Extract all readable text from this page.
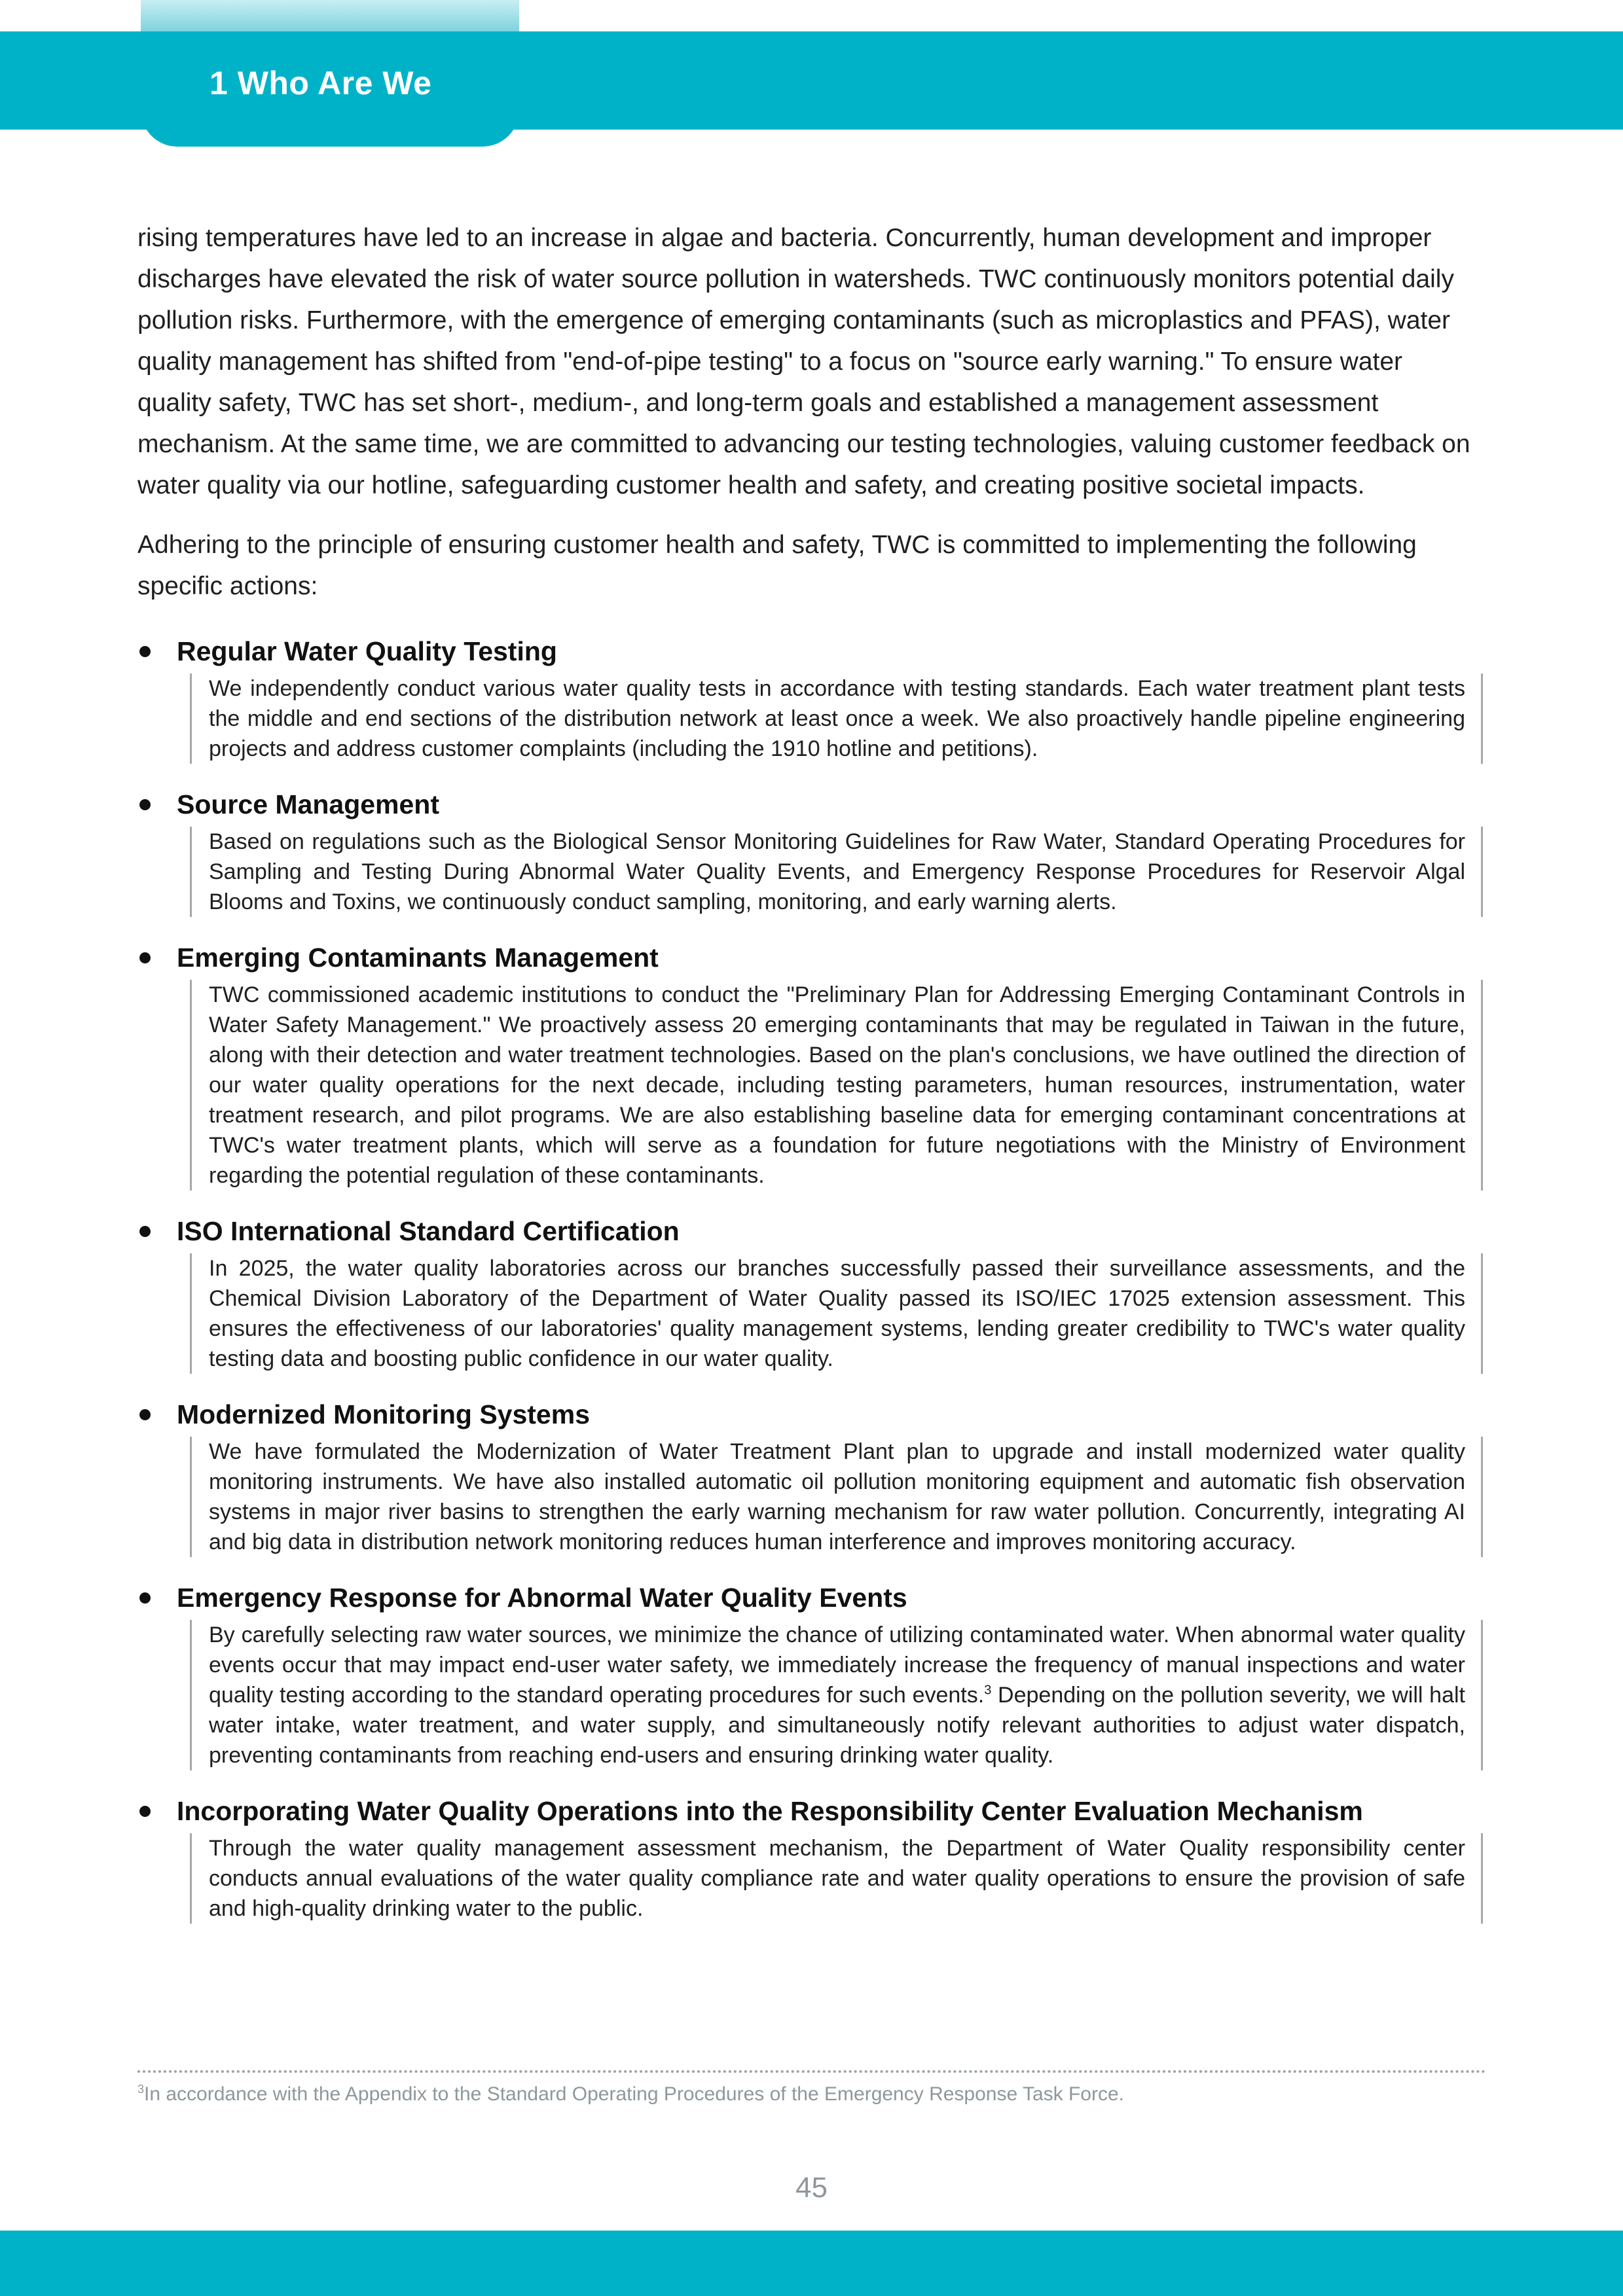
1 Who Are We

rising temperatures have led to an increase in algae and bacteria. Concurrently, human development and improper discharges have elevated the risk of water source pollution in watersheds. TWC continuously monitors potential daily pollution risks. Furthermore, with the emergence of emerging contaminants (such as microplastics and PFAS), water quality management has shifted from "end-of-pipe testing" to a focus on "source early warning." To ensure water quality safety, TWC has set short-, medium-, and long-term goals and established a management assessment mechanism. At the same time, we are committed to advancing our testing technologies, valuing customer feedback on water quality via our hotline, safeguarding customer health and safety, and creating positive societal impacts.

Adhering to the principle of ensuring customer health and safety, TWC is committed to implementing the following specific actions:

Regular Water Quality Testing
We independently conduct various water quality tests in accordance with testing standards. Each water treatment plant tests the middle and end sections of the distribution network at least once a week. We also proactively handle pipeline engineering projects and address customer complaints (including the 1910 hotline and petitions).
Source Management
Based on regulations such as the Biological Sensor Monitoring Guidelines for Raw Water, Standard Operating Procedures for Sampling and Testing During Abnormal Water Quality Events, and Emergency Response Procedures for Reservoir Algal Blooms and Toxins, we continuously conduct sampling, monitoring, and early warning alerts.
Emerging Contaminants Management
TWC commissioned academic institutions to conduct the "Preliminary Plan for Addressing Emerging Contaminant Controls in Water Safety Management." We proactively assess 20 emerging contaminants that may be regulated in Taiwan in the future, along with their detection and water treatment technologies. Based on the plan's conclusions, we have outlined the direction of our water quality operations for the next decade, including testing parameters, human resources, instrumentation, water treatment research, and pilot programs. We are also establishing baseline data for emerging contaminant concentrations at TWC's water treatment plants, which will serve as a foundation for future negotiations with the Ministry of Environment regarding the potential regulation of these contaminants.
ISO International Standard Certification
In 2025, the water quality laboratories across our branches successfully passed their surveillance assessments, and the Chemical Division Laboratory of the Department of Water Quality passed its ISO/IEC 17025 extension assessment. This ensures the effectiveness of our laboratories' quality management systems, lending greater credibility to TWC's water quality testing data and boosting public confidence in our water quality.
Modernized Monitoring Systems
We have formulated the Modernization of Water Treatment Plant plan to upgrade and install modernized water quality monitoring instruments. We have also installed automatic oil pollution monitoring equipment and automatic fish observation systems in major river basins to strengthen the early warning mechanism for raw water pollution. Concurrently, integrating AI and big data in distribution network monitoring reduces human interference and improves monitoring accuracy.
Emergency Response for Abnormal Water Quality Events
By carefully selecting raw water sources, we minimize the chance of utilizing contaminated water. When abnormal water quality events occur that may impact end-user water safety, we immediately increase the frequency of manual inspections and water quality testing according to the standard operating procedures for such events.$^3$ Depending on the pollution severity, we will halt water intake, water treatment, and water supply, and simultaneously notify relevant authorities to adjust water dispatch, preventing contaminants from reaching end-users and ensuring drinking water quality.
Incorporating Water Quality Operations into the Responsibility Center Evaluation Mechanism
Through the water quality management assessment mechanism, the Department of Water Quality responsibility center conducts annual evaluations of the water quality compliance rate and water quality operations to ensure the provision of safe and high-quality drinking water to the public.

$^3$In accordance with the Appendix to the Standard Operating Procedures of the Emergency Response Task Force.

45
